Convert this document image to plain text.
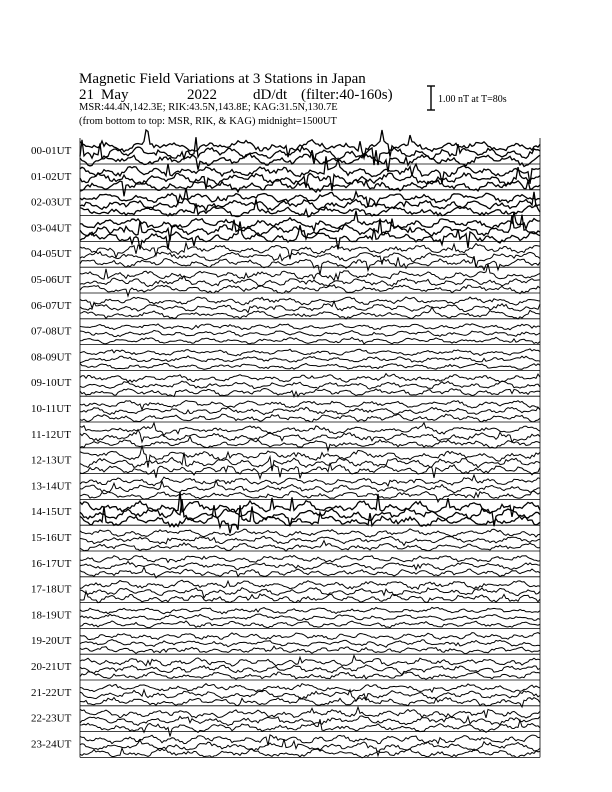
Magnetic Field Variations at 3 Stations in Japan
21 May	2022 dD/dt (filter:40-160s)
MSR:44.4N,142.3E; RIK:43.5N,143.8E; KAG:31.5N,130.7E
(from bottom to top: MSR, RIK, & KAG) midnight=1500UT
1.00 nT at T=80s
00-01UT
01-02UT
02-03UT
03-04UT
04-05UT
05-06UT
06-07UT
07-08UT
08-09UT
09-10UT
10-11UT
11-12UT
12-13UT
13-14UT
14-15UT
15-16UT
16-17UT
17-18UT
18-19UT
19-20UT
20-21UT
21-22UT
22-23UT
23-24UT
